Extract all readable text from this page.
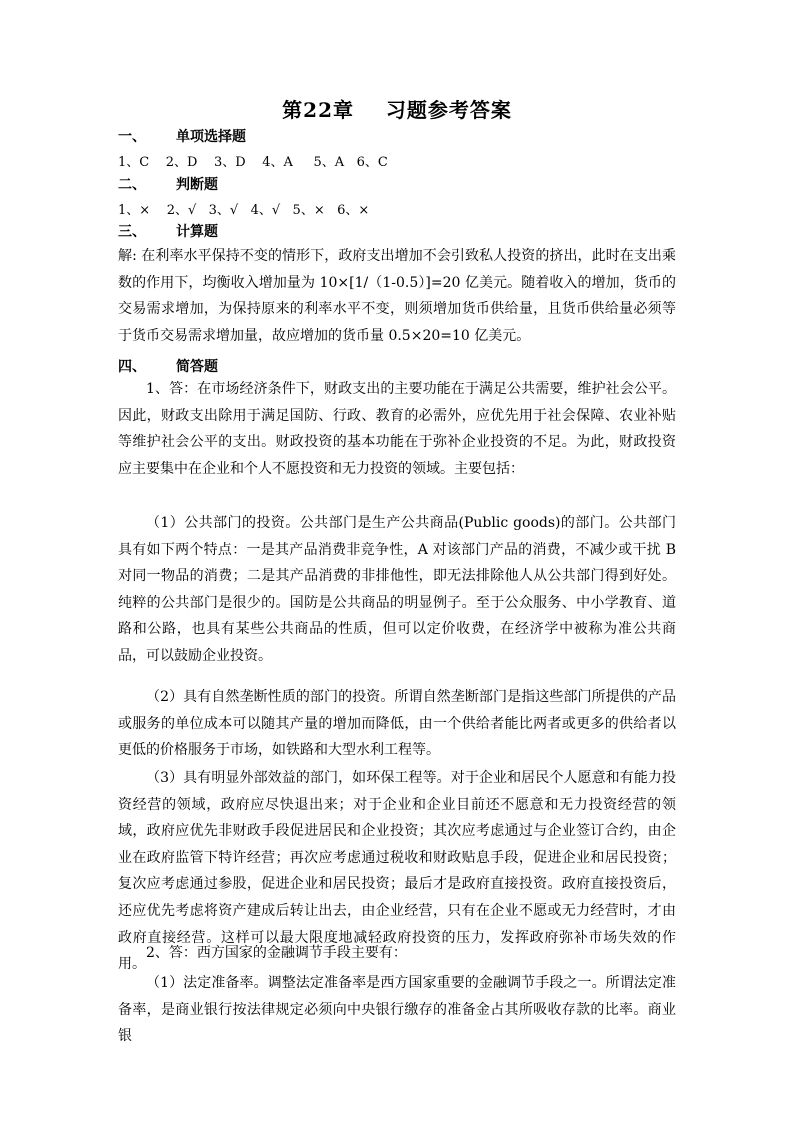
第22章    习题参考答案
一、 单项选择题
1、C    2、D    3、D    4、A     5、A   6、C
二、 判断题
1、×    2、√   3、√   4、√   5、×   6、×
三、 计算题
解: 在利率水平保持不变的情形下，政府支出增加不会引致私人投资的挤出，此时在支出乘数的作用下，均衡收入增加量为 10×[1/（1-0.5）]=20 亿美元。随着收入的增加，货币的交易需求增加，为保持原来的利率水平不变，则须增加货币供给量，且货币供给量必须等于货币交易需求增加量，故应增加的货币量 0.5×20=10 亿美元。
四、 简答题
1、答：在市场经济条件下，财政支出的主要功能在于满足公共需要，维护社会公平。因此，财政支出除用于满足国防、行政、教育的必需外，应优先用于社会保障、农业补贴等维护社会公平的支出。财政投资的基本功能在于弥补企业投资的不足。为此，财政投资应主要集中在企业和个人不愿投资和无力投资的领域。主要包括：
（1）公共部门的投资。公共部门是生产公共商品(Public goods)的部门。公共部门具有如下两个特点：一是其产品消费非竞争性，A 对该部门产品的消费，不减少或干扰 B 对同一物品的消费；二是其产品消费的非排他性，即无法排除他人从公共部门得到好处。纯粹的公共部门是很少的。国防是公共商品的明显例子。至于公众服务、中小学教育、道路和公路，也具有某些公共商品的性质，但可以定价收费，在经济学中被称为准公共商品，可以鼓励企业投资。
（2）具有自然垄断性质的部门的投资。所谓自然垄断部门是指这些部门所提供的产品或服务的单位成本可以随其产量的增加而降低，由一个供给者能比两者或更多的供给者以更低的价格服务于市场，如铁路和大型水利工程等。
（3）具有明显外部效益的部门，如环保工程等。对于企业和居民个人愿意和有能力投资经营的领域，政府应尽快退出来；对于企业和企业目前还不愿意和无力投资经营的领域，政府应优先非财政手段促进居民和企业投资；其次应考虑通过与企业签订合约，由企业在政府监管下特许经营；再次应考虑通过税收和财政贴息手段，促进企业和居民投资；复次应考虑通过参股，促进企业和居民投资；最后才是政府直接投资。政府直接投资后，还应优先考虑将资产建成后转让出去，由企业经营，只有在企业不愿或无力经营时，才由政府直接经营。这样可以最大限度地减轻政府投资的压力，发挥政府弥补市场失效的作用。
2、答：西方国家的金融调节手段主要有：
（1）法定准备率。调整法定准备率是西方国家重要的金融调节手段之一。所谓法定准备率，是商业银行按法律规定必须向中央银行缴存的准备金占其所吸收存款的比率。商业银
